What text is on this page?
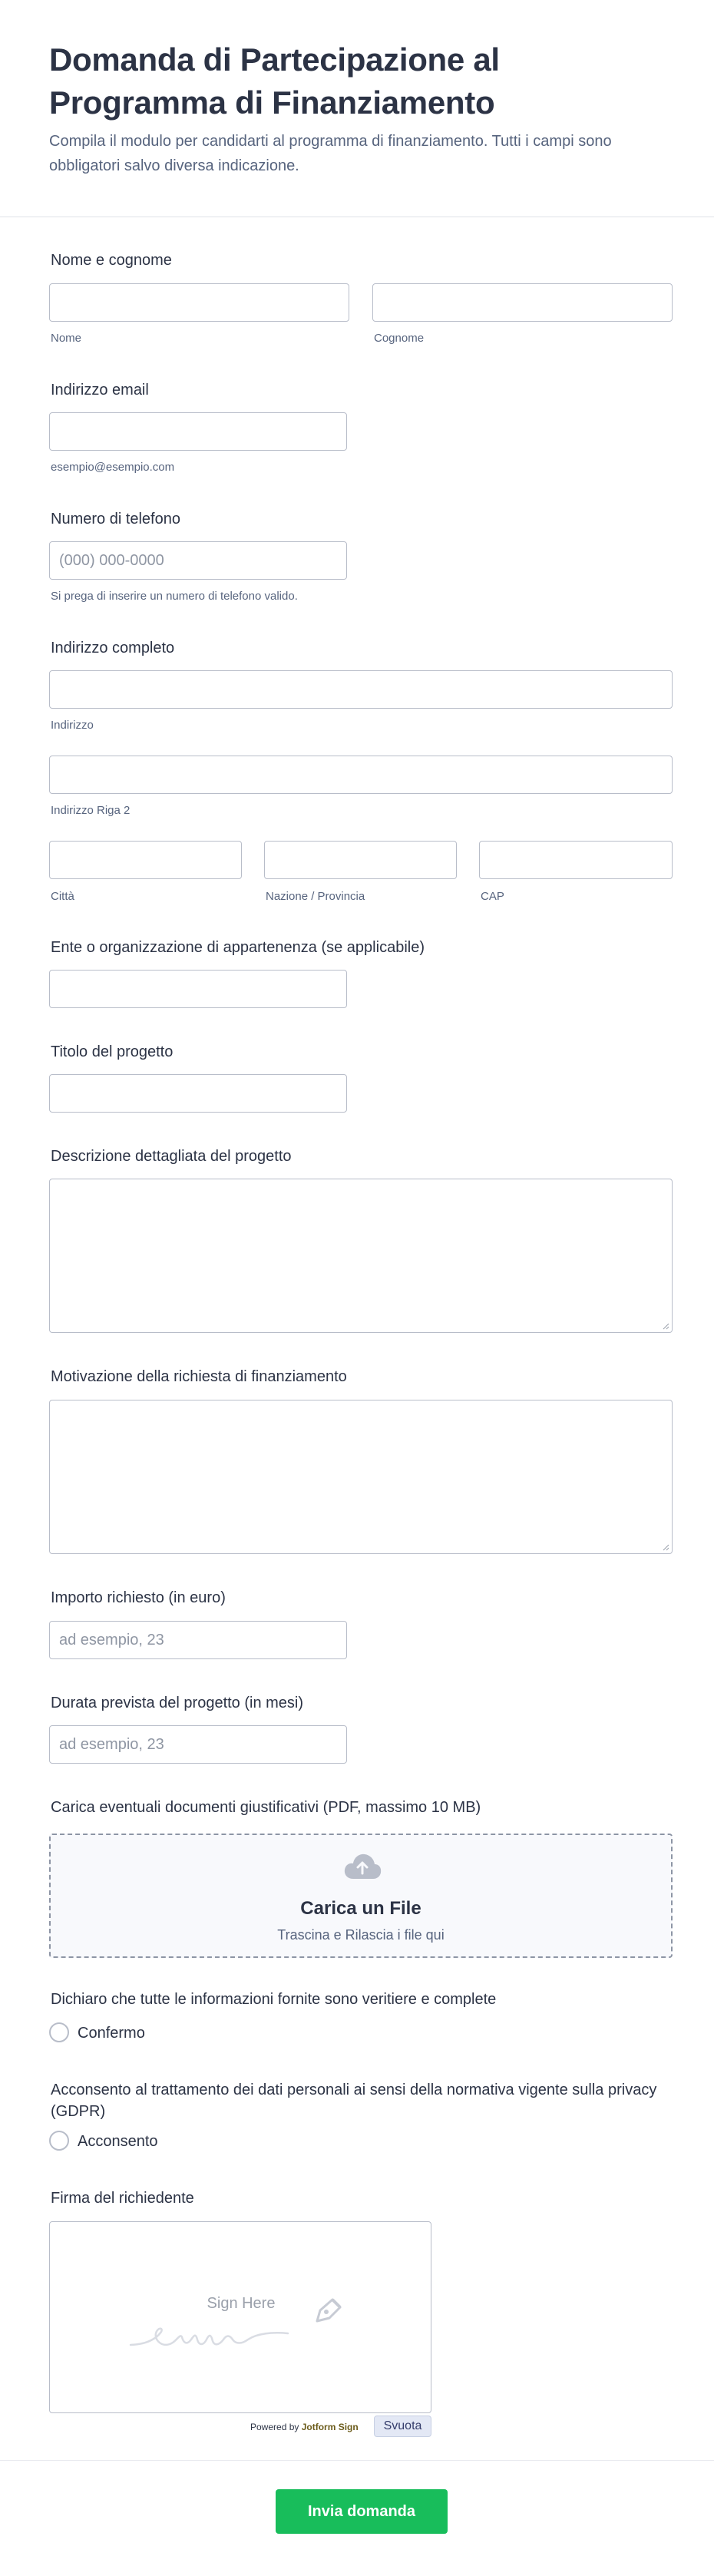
Domanda di Partecipazione al Programma di Finanziamento

Compila il modulo per candidarti al programma di finanziamento. Tutti i campi sono obbligatori salvo diversa indicazione.

Nome e cognome
Nome	Cognome
Indirizzo email
esempio@esempio.com
Numero di telefono
(000) 000-0000
Si prega di inserire un numero di telefono valido.
Indirizzo completo
Indirizzo
Indirizzo Riga 2
Città	Nazione / Provincia	CAP
Ente o organizzazione di appartenenza (se applicabile)
Titolo del progetto
Descrizione dettagliata del progetto
Motivazione della richiesta di finanziamento
Importo richiesto (in euro)
ad esempio, 23
Durata prevista del progetto (in mesi)
ad esempio, 23
Carica eventuali documenti giustificativi (PDF, massimo 10 MB)
Carica un File
Trascina e Rilascia i file qui
Dichiaro che tutte le informazioni fornite sono veritiere e complete
Confermo
Acconsento al trattamento dei dati personali ai sensi della normativa vigente sulla privacy (GDPR)
Acconsento
Firma del richiedente
Sign Here
Powered by Jotform Sign	Svuota
Invia domanda
